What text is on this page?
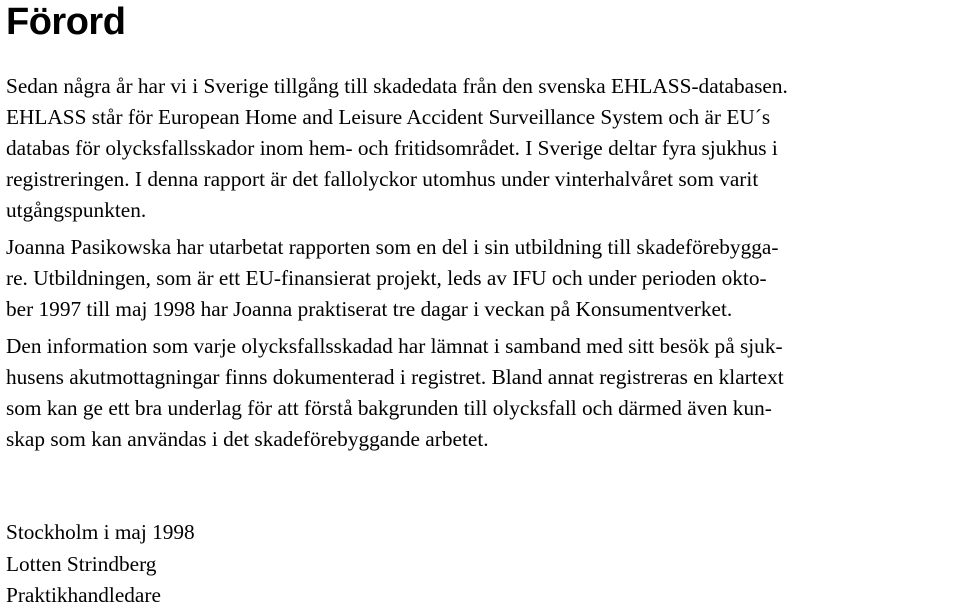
Förord
Sedan några år har vi i Sverige tillgång till skadedata från den svenska EHLASS-databasen.
EHLASS står för European Home and Leisure Accident Surveillance System och är EU´s
databas för olycksfallsskador inom hem- och fritidsområdet. I Sverige deltar fyra sjukhus i
registreringen. I denna rapport är det fallolyckor utomhus under vinterhalvåret som varit
utgångspunkten.
Joanna Pasikowska har utarbetat rapporten som en del i sin utbildning till skadeförebygga-
re. Utbildningen, som är ett EU-finansierat projekt, leds av IFU och under perioden okto-
ber 1997 till maj 1998 har Joanna praktiserat tre dagar i veckan på Konsumentverket.
Den information som varje olycksfallsskadad har lämnat i samband med sitt besök på sjuk-
husens akutmottagningar finns dokumenterad i registret. Bland annat registreras en klartext
som kan ge ett bra underlag för att förstå bakgrunden till olycksfall och därmed även kun-
skap som kan användas i det skadeförebyggande arbetet.
Stockholm i maj 1998
Lotten Strindberg
Praktikhandledare
